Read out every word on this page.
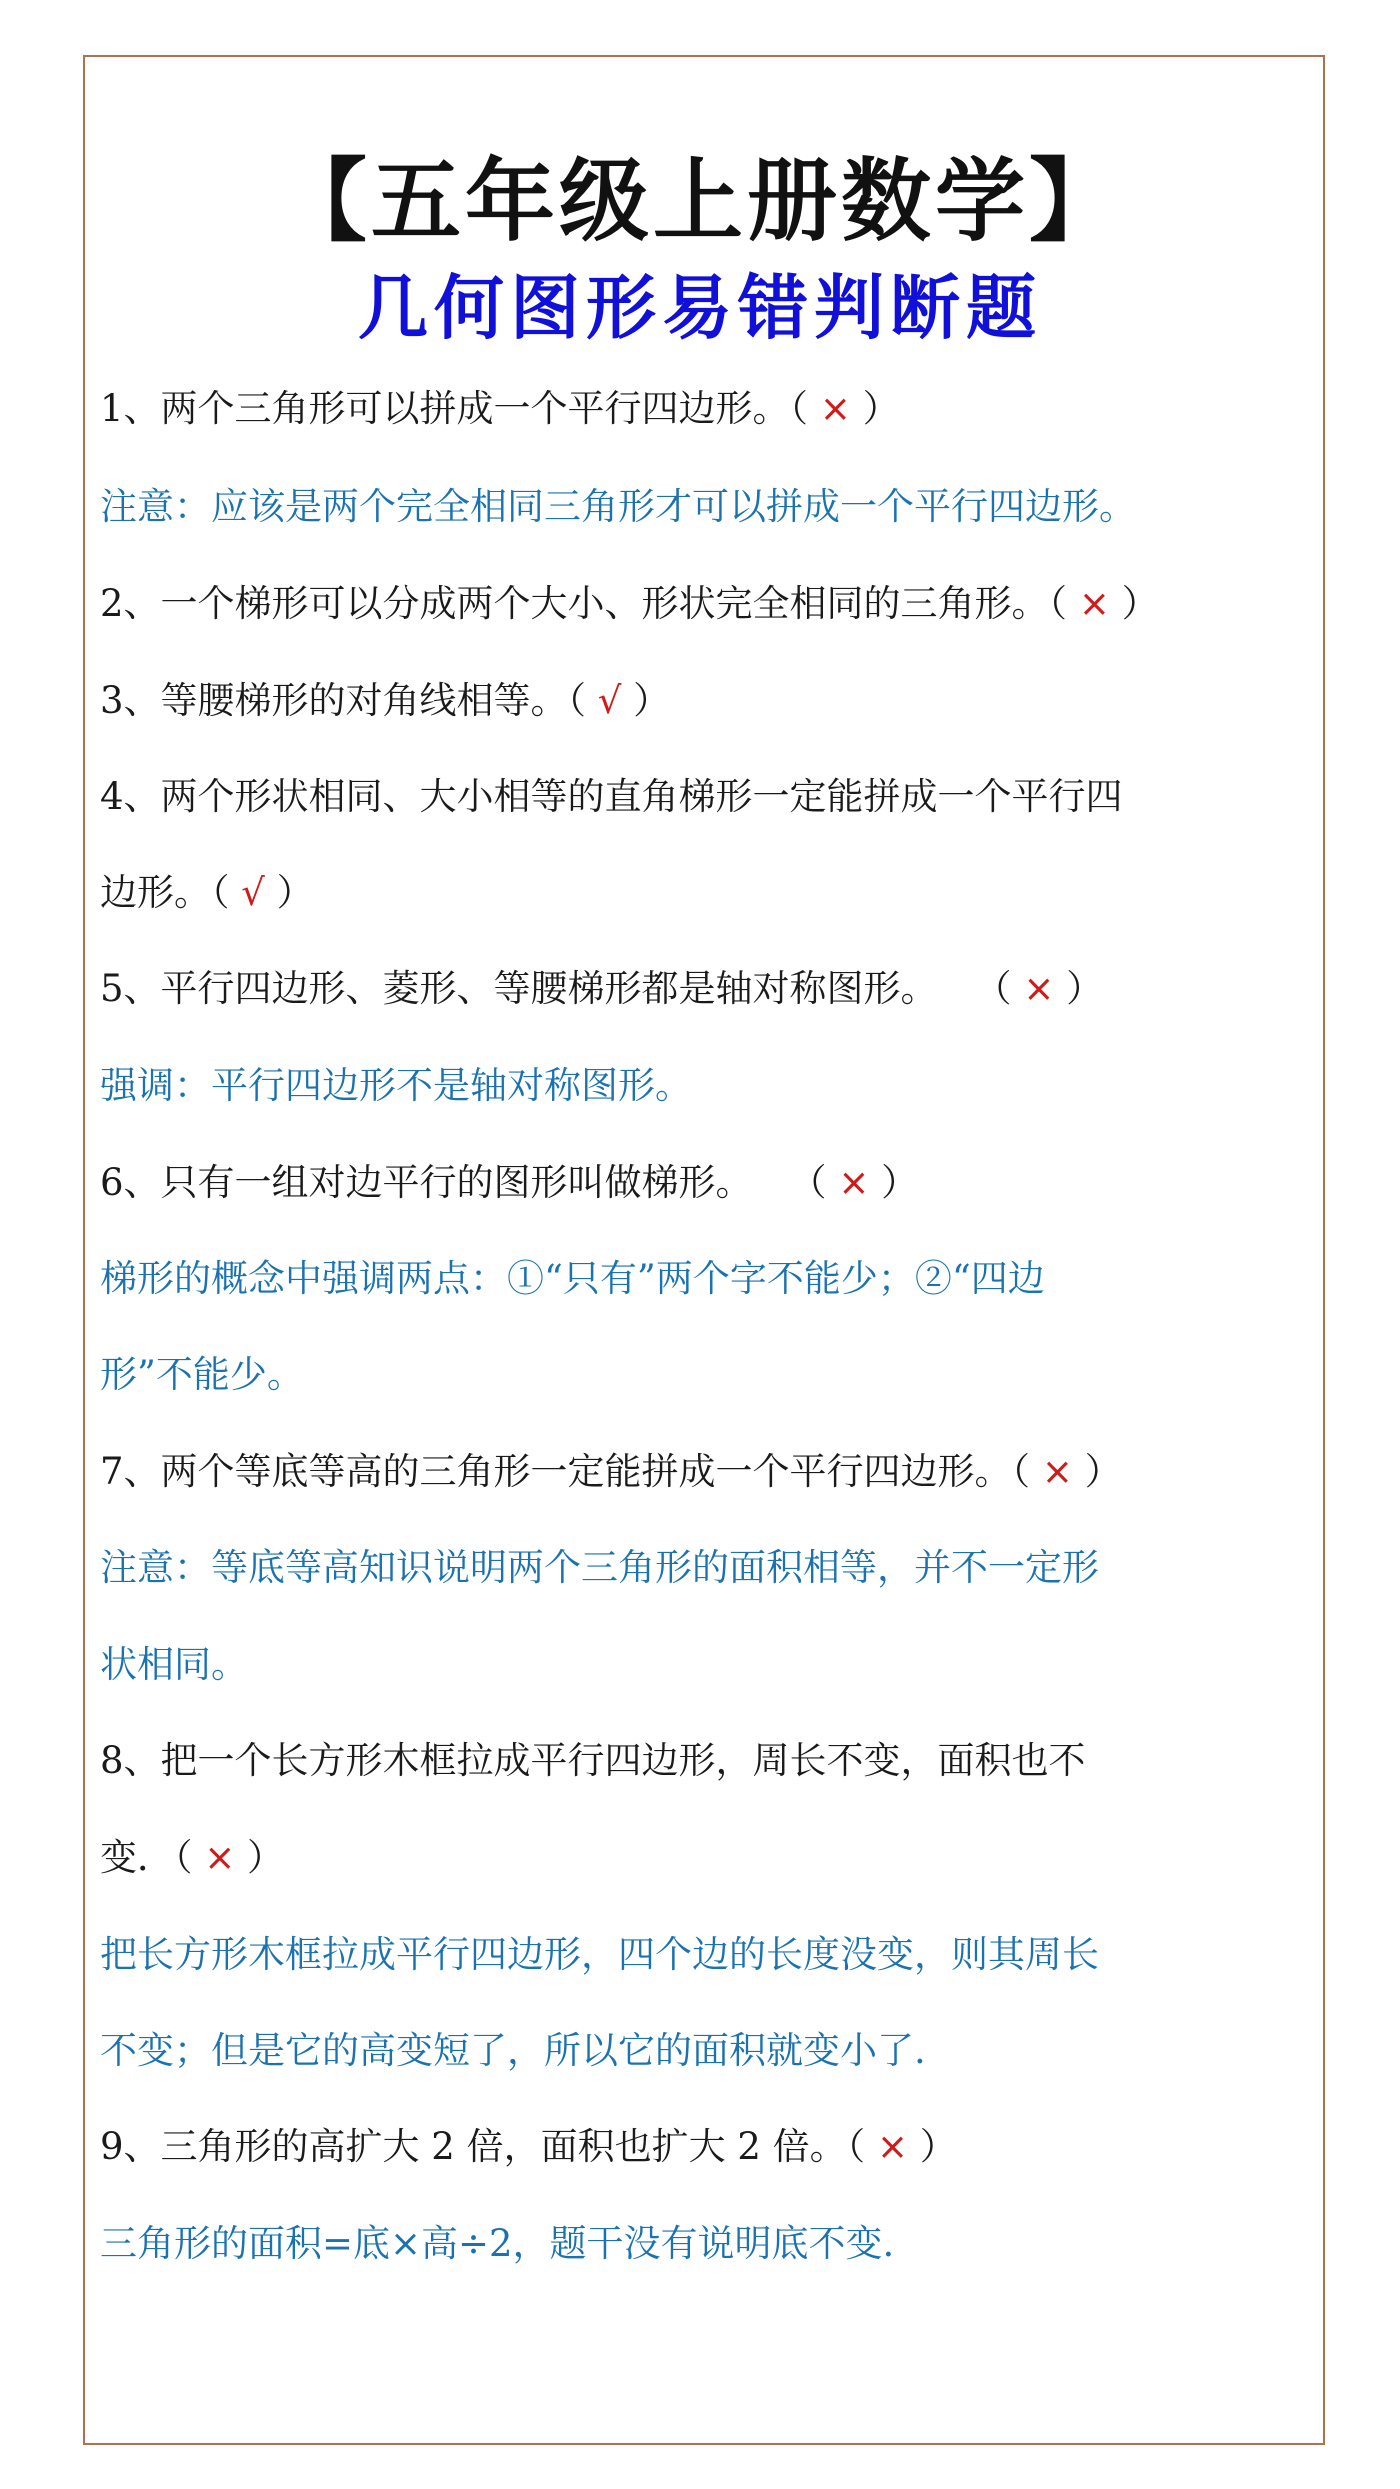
【五年级上册数学】
几何图形易错判断题

1、两个三角形可以拼成一个平行四边形。（ × ）

注意：应该是两个完全相同三角形才可以拼成一个平行四边形。

2、一个梯形可以分成两个大小、形状完全相同的三角形。（ × ）

3、等腰梯形的对角线相等。（ √ ）

4、两个形状相同、大小相等的直角梯形一定能拼成一个平行四

边形。（ √ ）

5、平行四边形、菱形、等腰梯形都是轴对称图形。　　（ × ）

强调：平行四边形不是轴对称图形。

6、只有一组对边平行的图形叫做梯形。　　（ × ）

梯形的概念中强调两点：①“只有”两个字不能少；②“四边

形”不能少。

7、两个等底等高的三角形一定能拼成一个平行四边形。（ × ）

注意：等底等高知识说明两个三角形的面积相等，并不一定形

状相同。

8、把一个长方形木框拉成平行四边形，周长不变，面积也不

变．（ × ）

把长方形木框拉成平行四边形，四个边的长度没变，则其周长

不变；但是它的高变短了，所以它的面积就变小了.

9、三角形的高扩大 2 倍，面积也扩大 2 倍。（ × ）

三角形的面积=底×高÷2，题干没有说明底不变.
